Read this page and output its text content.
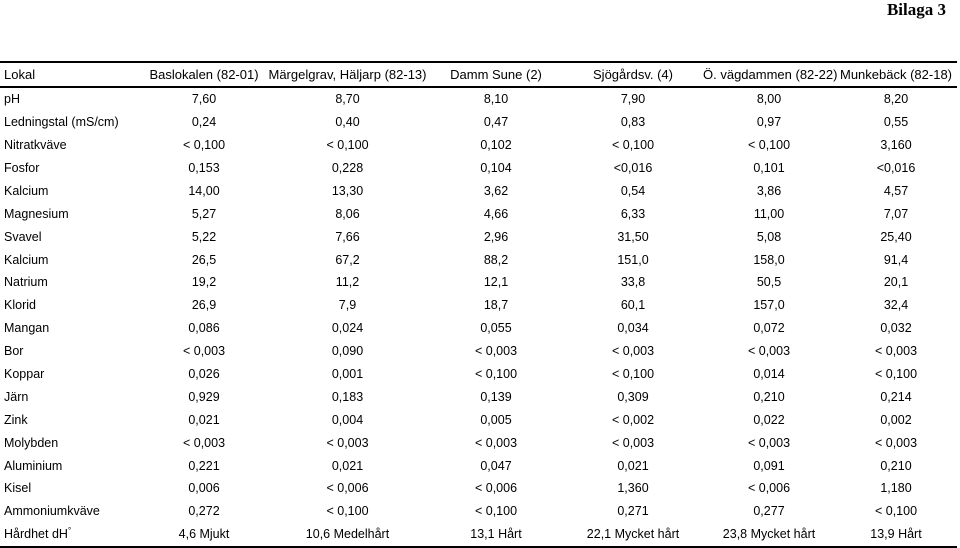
Bilaga 3
Lokal	Baslokalen (82-01)	Märgelgrav, Häljarp (82-13)	Damm Sune (2)	Sjögårdsv. (4)	Ö. vägdammen (82-22)	Munkebäck (82-18)
pH	7,60	8,70	8,10	7,90	8,00	8,20
Ledningstal (mS/cm)	0,24	0,40	0,47	0,83	0,97	0,55
Nitratkväve	< 0,100	< 0,100	0,102	< 0,100	< 0,100	3,160
Fosfor	0,153	0,228	0,104	<0,016	0,101	<0,016
Kalcium	14,00	13,30	3,62	0,54	3,86	4,57
Magnesium	5,27	8,06	4,66	6,33	11,00	7,07
Svavel	5,22	7,66	2,96	31,50	5,08	25,40
Kalcium	26,5	67,2	88,2	151,0	158,0	91,4
Natrium	19,2	11,2	12,1	33,8	50,5	20,1
Klorid	26,9	7,9	18,7	60,1	157,0	32,4
Mangan	0,086	0,024	0,055	0,034	0,072	0,032
Bor	< 0,003	0,090	< 0,003	< 0,003	< 0,003	< 0,003
Koppar	0,026	0,001	< 0,100	< 0,100	0,014	< 0,100
Järn	0,929	0,183	0,139	0,309	0,210	0,214
Zink	0,021	0,004	0,005	< 0,002	0,022	0,002
Molybden	< 0,003	< 0,003	< 0,003	< 0,003	< 0,003	< 0,003
Aluminium	0,221	0,021	0,047	0,021	0,091	0,210
Kisel	0,006	< 0,006	< 0,006	1,360	< 0,006	1,180
Ammoniumkväve	0,272	< 0,100	< 0,100	0,271	0,277	< 0,100
Hårdhet dH°	4,6 Mjukt	10,6 Medelhårt	13,1 Hårt	22,1 Mycket hårt	23,8 Mycket hårt	13,9 Hårt
